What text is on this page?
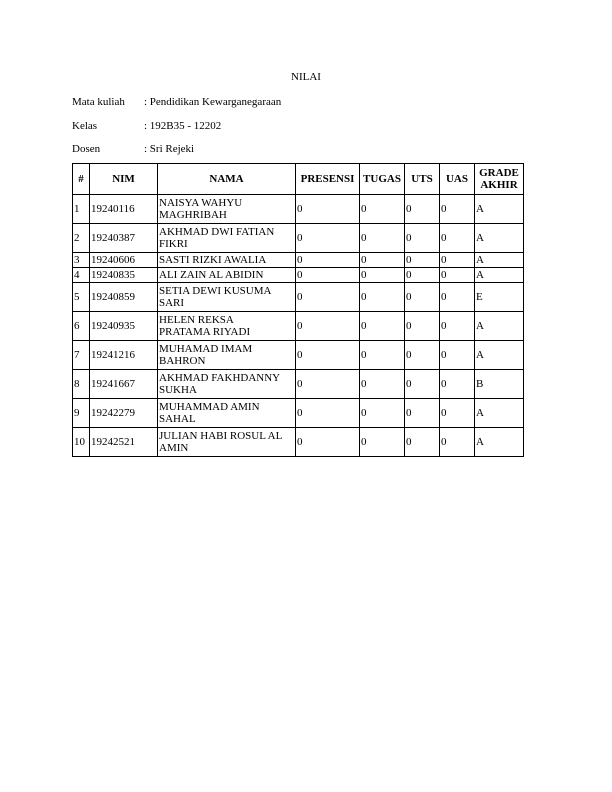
NILAI
Mata kuliah : Pendidikan Kewarganegaraan
Kelas	: 192B35 - 12202
Dosen	: Sri Rejeki
#	NIM	NAMA	PRESENSI	TUGAS	UTS	UAS	GRADE
AKHIR
1	19240116	NAISYA WAHYU
MAGHRIBAH	0	0	0	0	A
2	19240387	AKHMAD DWI FATIAN
FIKRI	0	0	0	0	A
3	19240606	SASTI RIZKI AWALIA	0	0	0	0	A
4	19240835	ALI ZAIN AL ABIDIN	0	0	0	0	A
5	19240859	SETIA DEWI KUSUMA
SARI	0	0	0	0	E
6	19240935	HELEN REKSA
PRATAMA RIYADI	0	0	0	0	A
7	19241216	MUHAMAD IMAM
BAHRON	0	0	0	0	A
8	19241667	AKHMAD FAKHDANNY
SUKHA	0	0	0	0	B
9	19242279	MUHAMMAD AMIN
SAHAL	0	0	0	0	A
10	19242521	JULIAN HABI ROSUL AL
AMIN	0	0	0	0	A
